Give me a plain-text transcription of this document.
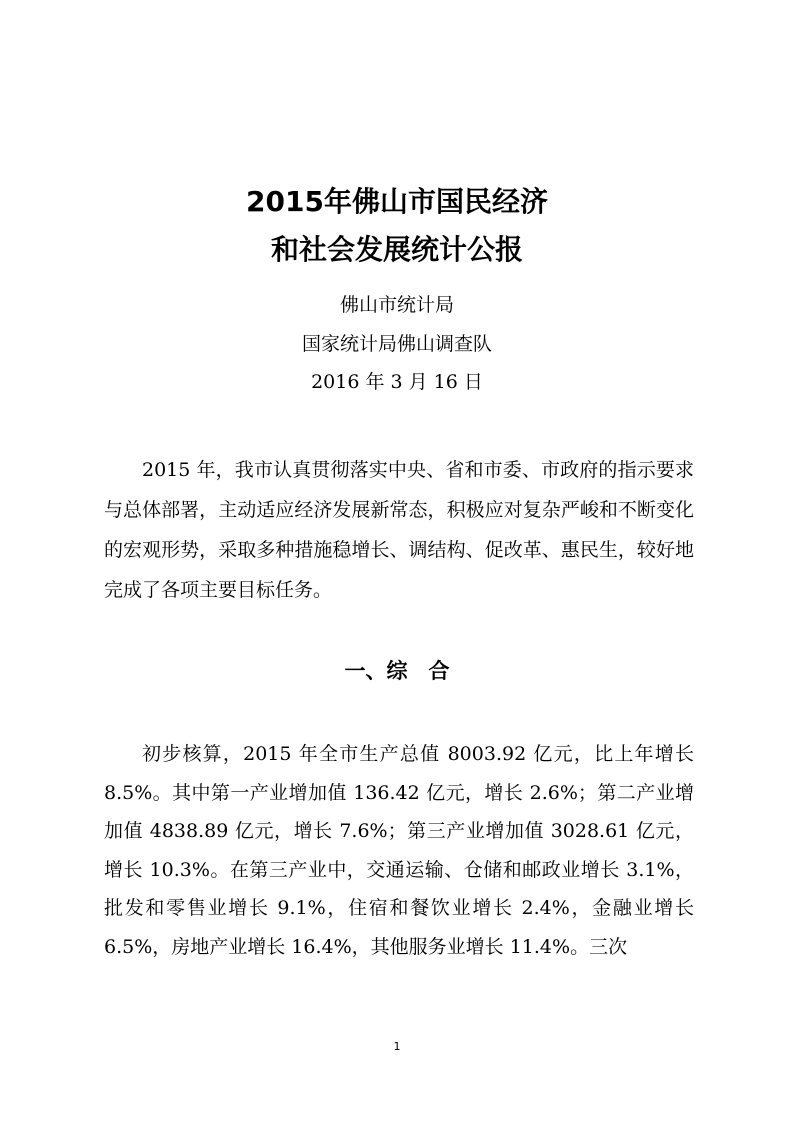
2015年佛山市国民经济
和社会发展统计公报
佛山市统计局
国家统计局佛山调查队
2016 年 3 月 16 日

2015 年，我市认真贯彻落实中央、省和市委、市政府的指示要求与总体部署，主动适应经济发展新常态，积极应对复杂严峻和不断变化的宏观形势，采取多种措施稳增长、调结构、促改革、惠民生，较好地完成了各项主要目标任务。

一、综　合

初步核算，2015 年全市生产总值 8003.92 亿元，比上年增长 8.5%。其中第一产业增加值 136.42 亿元，增长 2.6%；第二产业增加值 4838.89 亿元，增长 7.6%；第三产业增加值 3028.61 亿元，增长 10.3%。在第三产业中，交通运输、仓储和邮政业增长 3.1%，批发和零售业增长 9.1%，住宿和餐饮业增长 2.4%，金融业增长 6.5%，房地产业增长 16.4%，其他服务业增长 11.4%。三次

1
